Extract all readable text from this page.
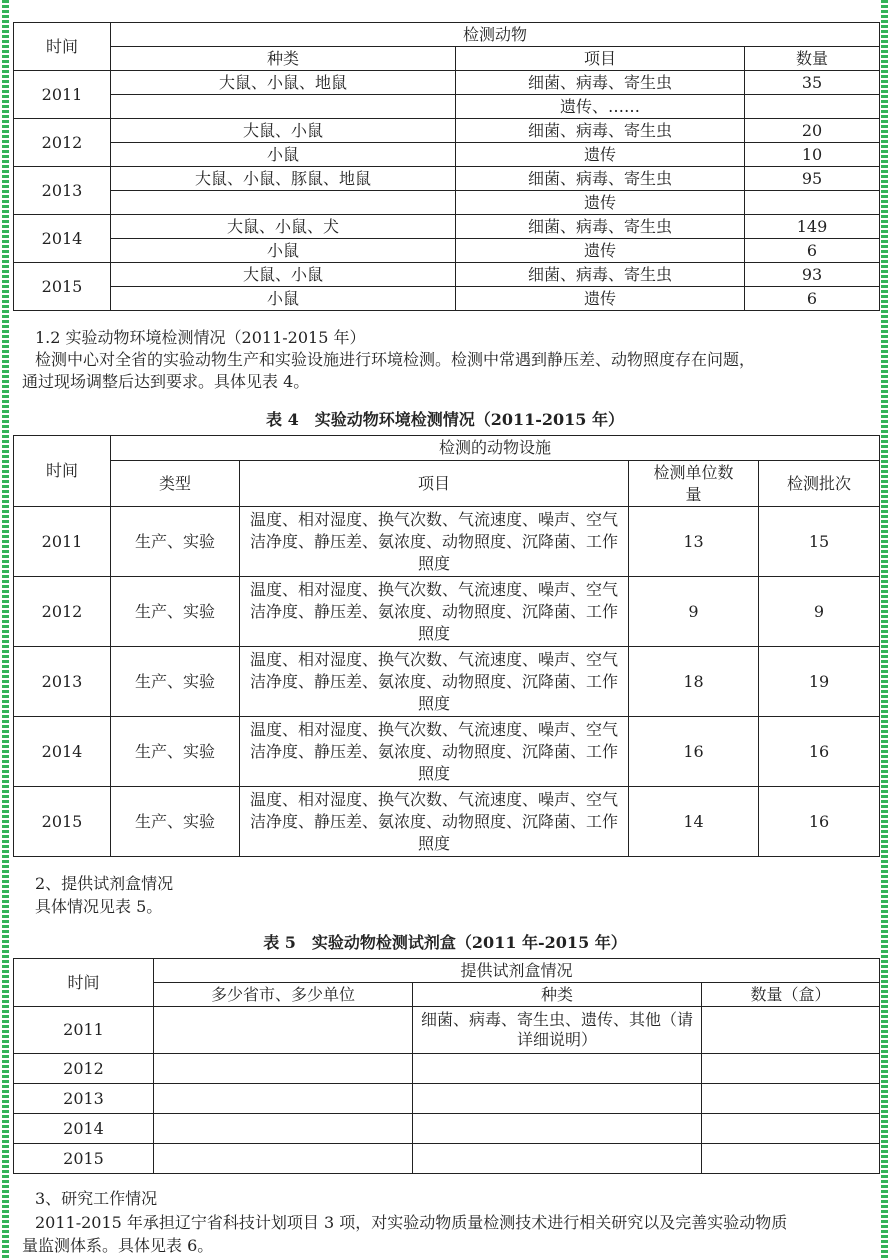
时间	检测动物		
	种类	项目	数量
2011	大鼠、小鼠、地鼠	细菌、病毒、寄生虫	35
		遗传、……	
2012	大鼠、小鼠	细菌、病毒、寄生虫	20
	小鼠	遗传	10
2013	大鼠、小鼠、豚鼠、地鼠	细菌、病毒、寄生虫	95
		遗传	
2014	大鼠、小鼠、犬	细菌、病毒、寄生虫	149
	小鼠	遗传	6
2015	大鼠、小鼠	细菌、病毒、寄生虫	93
	小鼠	遗传	6

1.2 实验动物环境检测情况（2011-2015 年）

检测中心对全省的实验动物生产和实验设施进行环境检测。检测中常遇到静压差、动物照度存在问题，

通过现场调整后达到要求。具体见表 4。

表 4　实验动物环境检测情况（2011-2015 年）
时间	检测的动物设施			
	类型	项目	检测单位数量	检测批次
2011	生产、实验	温度、相对湿度、换气次数、气流速度、噪声、空气洁净度、静压差、氨浓度、动物照度、沉降菌、工作照度	13	15
2012	生产、实验	温度、相对湿度、换气次数、气流速度、噪声、空气洁净度、静压差、氨浓度、动物照度、沉降菌、工作照度	9	9
2013	生产、实验	温度、相对湿度、换气次数、气流速度、噪声、空气洁净度、静压差、氨浓度、动物照度、沉降菌、工作照度	18	19
2014	生产、实验	温度、相对湿度、换气次数、气流速度、噪声、空气洁净度、静压差、氨浓度、动物照度、沉降菌、工作照度	16	16
2015	生产、实验	温度、相对湿度、换气次数、气流速度、噪声、空气洁净度、静压差、氨浓度、动物照度、沉降菌、工作照度	14	16

2、提供试剂盒情况

具体情况见表 5。

表 5　实验动物检测试剂盒（2011 年-2015 年）
时间	提供试剂盒情况		
	多少省市、多少单位	种类	数量（盒）
2011		细菌、病毒、寄生虫、遗传、其他（请详细说明）	
2012			
2013			
2014			
2015			

3、研究工作情况

2011-2015 年承担辽宁省科技计划项目 3 项，对实验动物质量检测技术进行相关研究以及完善实验动物质

量监测体系。具体见表 6。
